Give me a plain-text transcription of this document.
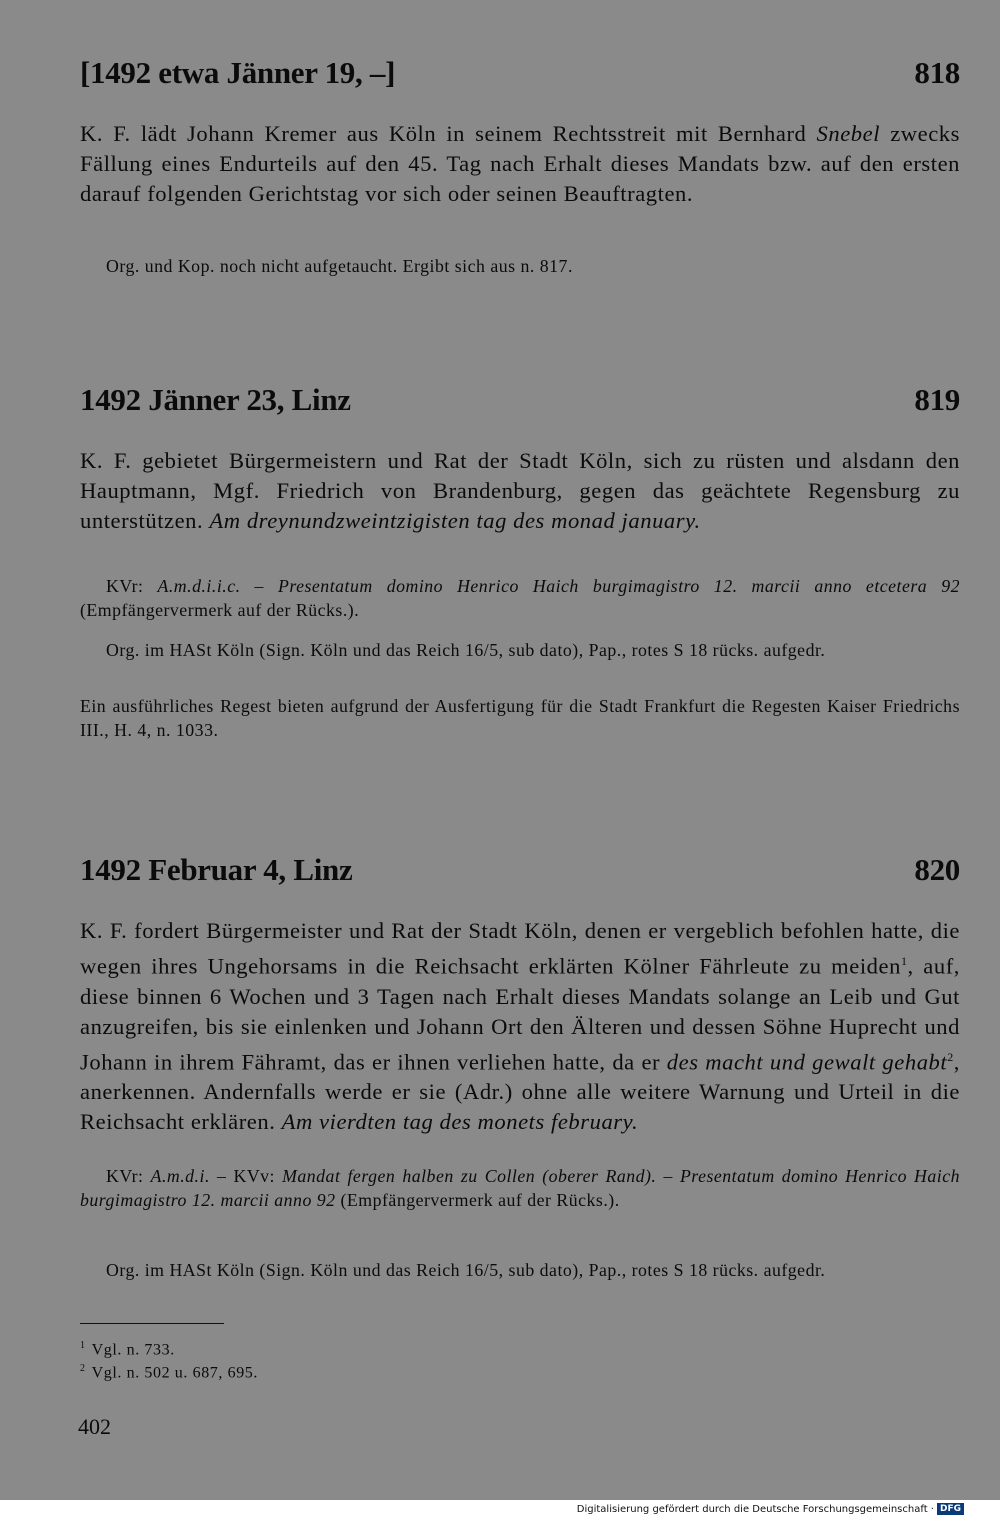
[1492 etwa Jänner 19, –]	818
K. F. lädt Johann Kremer aus Köln in seinem Rechtsstreit mit Bernhard Snebel zwecks Fällung eines Endurteils auf den 45. Tag nach Erhalt dieses Mandats bzw. auf den ersten darauf folgenden Gerichtstag vor sich oder seinen Beauftragten.
Org. und Kop. noch nicht aufgetaucht. Ergibt sich aus n. 817.
1492 Jänner 23, Linz	819
K. F. gebietet Bürgermeistern und Rat der Stadt Köln, sich zu rüsten und alsdann den Hauptmann, Mgf. Friedrich von Brandenburg, gegen das geächtete Regensburg zu unterstützen. Am dreynundzweintzigisten tag des monad january.
KVr: A.m.d.i.i.c. – Presentatum domino Henrico Haich burgimagistro 12. marcii anno etcetera 92 (Empfängervermerk auf der Rücks.).
Org. im HASt Köln (Sign. Köln und das Reich 16/5, sub dato), Pap., rotes S 18 rücks. aufgedr.
Ein ausführliches Regest bieten aufgrund der Ausfertigung für die Stadt Frankfurt die Regesten Kaiser Friedrichs III., H. 4, n. 1033.
1492 Februar 4, Linz	820
K. F. fordert Bürgermeister und Rat der Stadt Köln, denen er vergeblich befohlen hatte, die wegen ihres Ungehorsams in die Reichsacht erklärten Kölner Fährleute zu meiden$^1$, auf, diese binnen 6 Wochen und 3 Tagen nach Erhalt dieses Mandats solange an Leib und Gut anzugreifen, bis sie einlenken und Johann Ort den Älteren und dessen Söhne Huprecht und Johann in ihrem Fähramt, das er ihnen verliehen hatte, da er des macht und gewalt gehabt$^2$, anerkennen. Andernfalls werde er sie (Adr.) ohne alle weitere Warnung und Urteil in die Reichsacht erklären. Am vierdten tag des monets february.
KVr: A.m.d.i. – KVv: Mandat fergen halben zu Collen (oberer Rand). – Presentatum domino Henrico Haich burgimagistro 12. marcii anno 92 (Empfängervermerk auf der Rücks.).
Org. im HASt Köln (Sign. Köln und das Reich 16/5, sub dato), Pap., rotes S 18 rücks. aufgedr.
$^1$ Vgl. n. 733.
$^2$ Vgl. n. 502 u. 687, 695.
402
Digitalisierung gefördert durch die Deutsche Forschungsgemeinschaft · DFG
